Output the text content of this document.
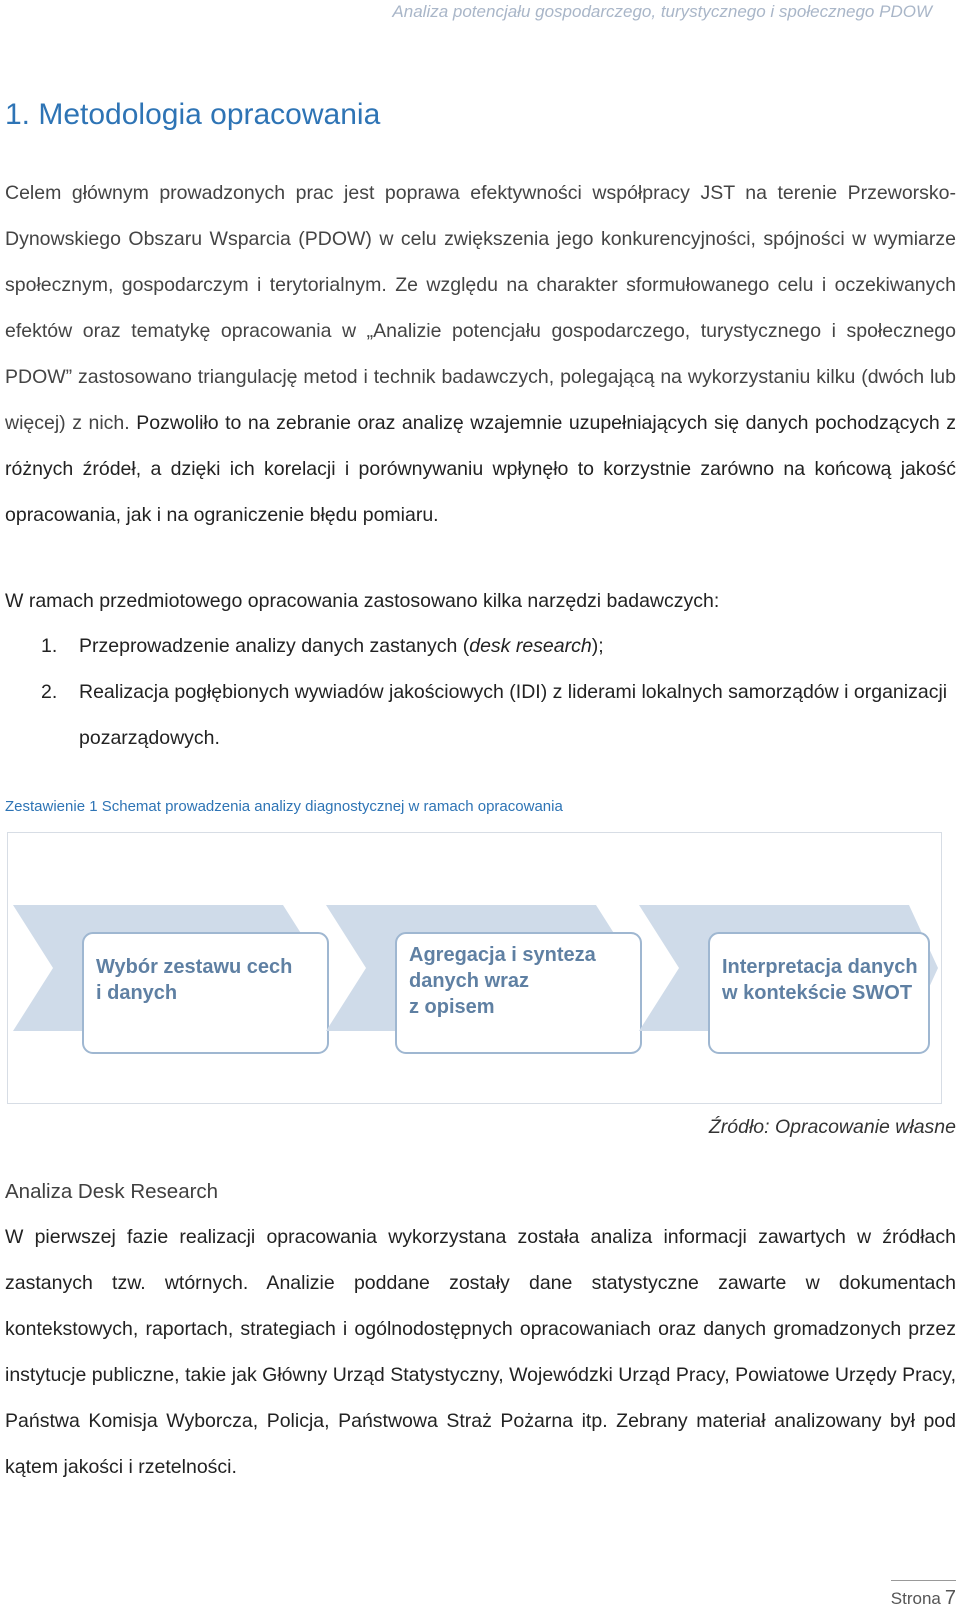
Analiza potencjału gospodarczego, turystycznego i społecznego PDOW
1. Metodologia opracowania

Celem głównym prowadzonych prac jest poprawa efektywności współpracy JST na terenie Przeworsko-Dynowskiego Obszaru Wsparcia (PDOW) w celu zwiększenia jego konkurencyjności, spójności w wymiarze społecznym, gospodarczym i terytorialnym. Ze względu na charakter sformułowanego celu i oczekiwanych efektów oraz tematykę opracowania w „Analizie potencjału gospodarczego, turystycznego i społecznego PDOW” zastosowano triangulację metod i technik badawczych, polegającą na wykorzystaniu kilku (dwóch lub więcej) z nich. Pozwoliło to na zebranie oraz analizę wzajemnie uzupełniających się danych pochodzących z różnych źródeł, a dzięki ich korelacji i porównywaniu wpłynęło to korzystnie zarówno na końcową jakość opracowania, jak i na ograniczenie błędu pomiaru.

W ramach przedmiotowego opracowania zastosowano kilka narzędzi badawczych:

1.	Przeprowadzenie analizy danych zastanych (desk research);
2.	Realizacja pogłębionych wywiadów jakościowych (IDI) z liderami lokalnych samorządów i organizacji pozarządowych.
Zestawienie 1 Schemat prowadzenia analizy diagnostycznej w ramach opracowania
Wybór zestawu cech
i danych
Agregacja i synteza
danych wraz
z opisem
Interpretacja danych
w kontekście SWOT
Źródło: Opracowanie własne
Analiza Desk Research

W pierwszej fazie realizacji opracowania wykorzystana została analiza informacji zawartych w źródłach zastanych tzw. wtórnych. Analizie poddane zostały dane statystyczne zawarte w dokumentach kontekstowych, raportach, strategiach i ogólnodostępnych opracowaniach oraz danych gromadzonych przez instytucje publiczne, takie jak Główny Urząd Statystyczny, Wojewódzki Urząd Pracy, Powiatowe Urzędy Pracy, Państwa Komisja Wyborcza, Policja, Państwowa Straż Pożarna itp. Zebrany materiał analizowany był pod kątem jakości i rzetelności.

Strona 7
